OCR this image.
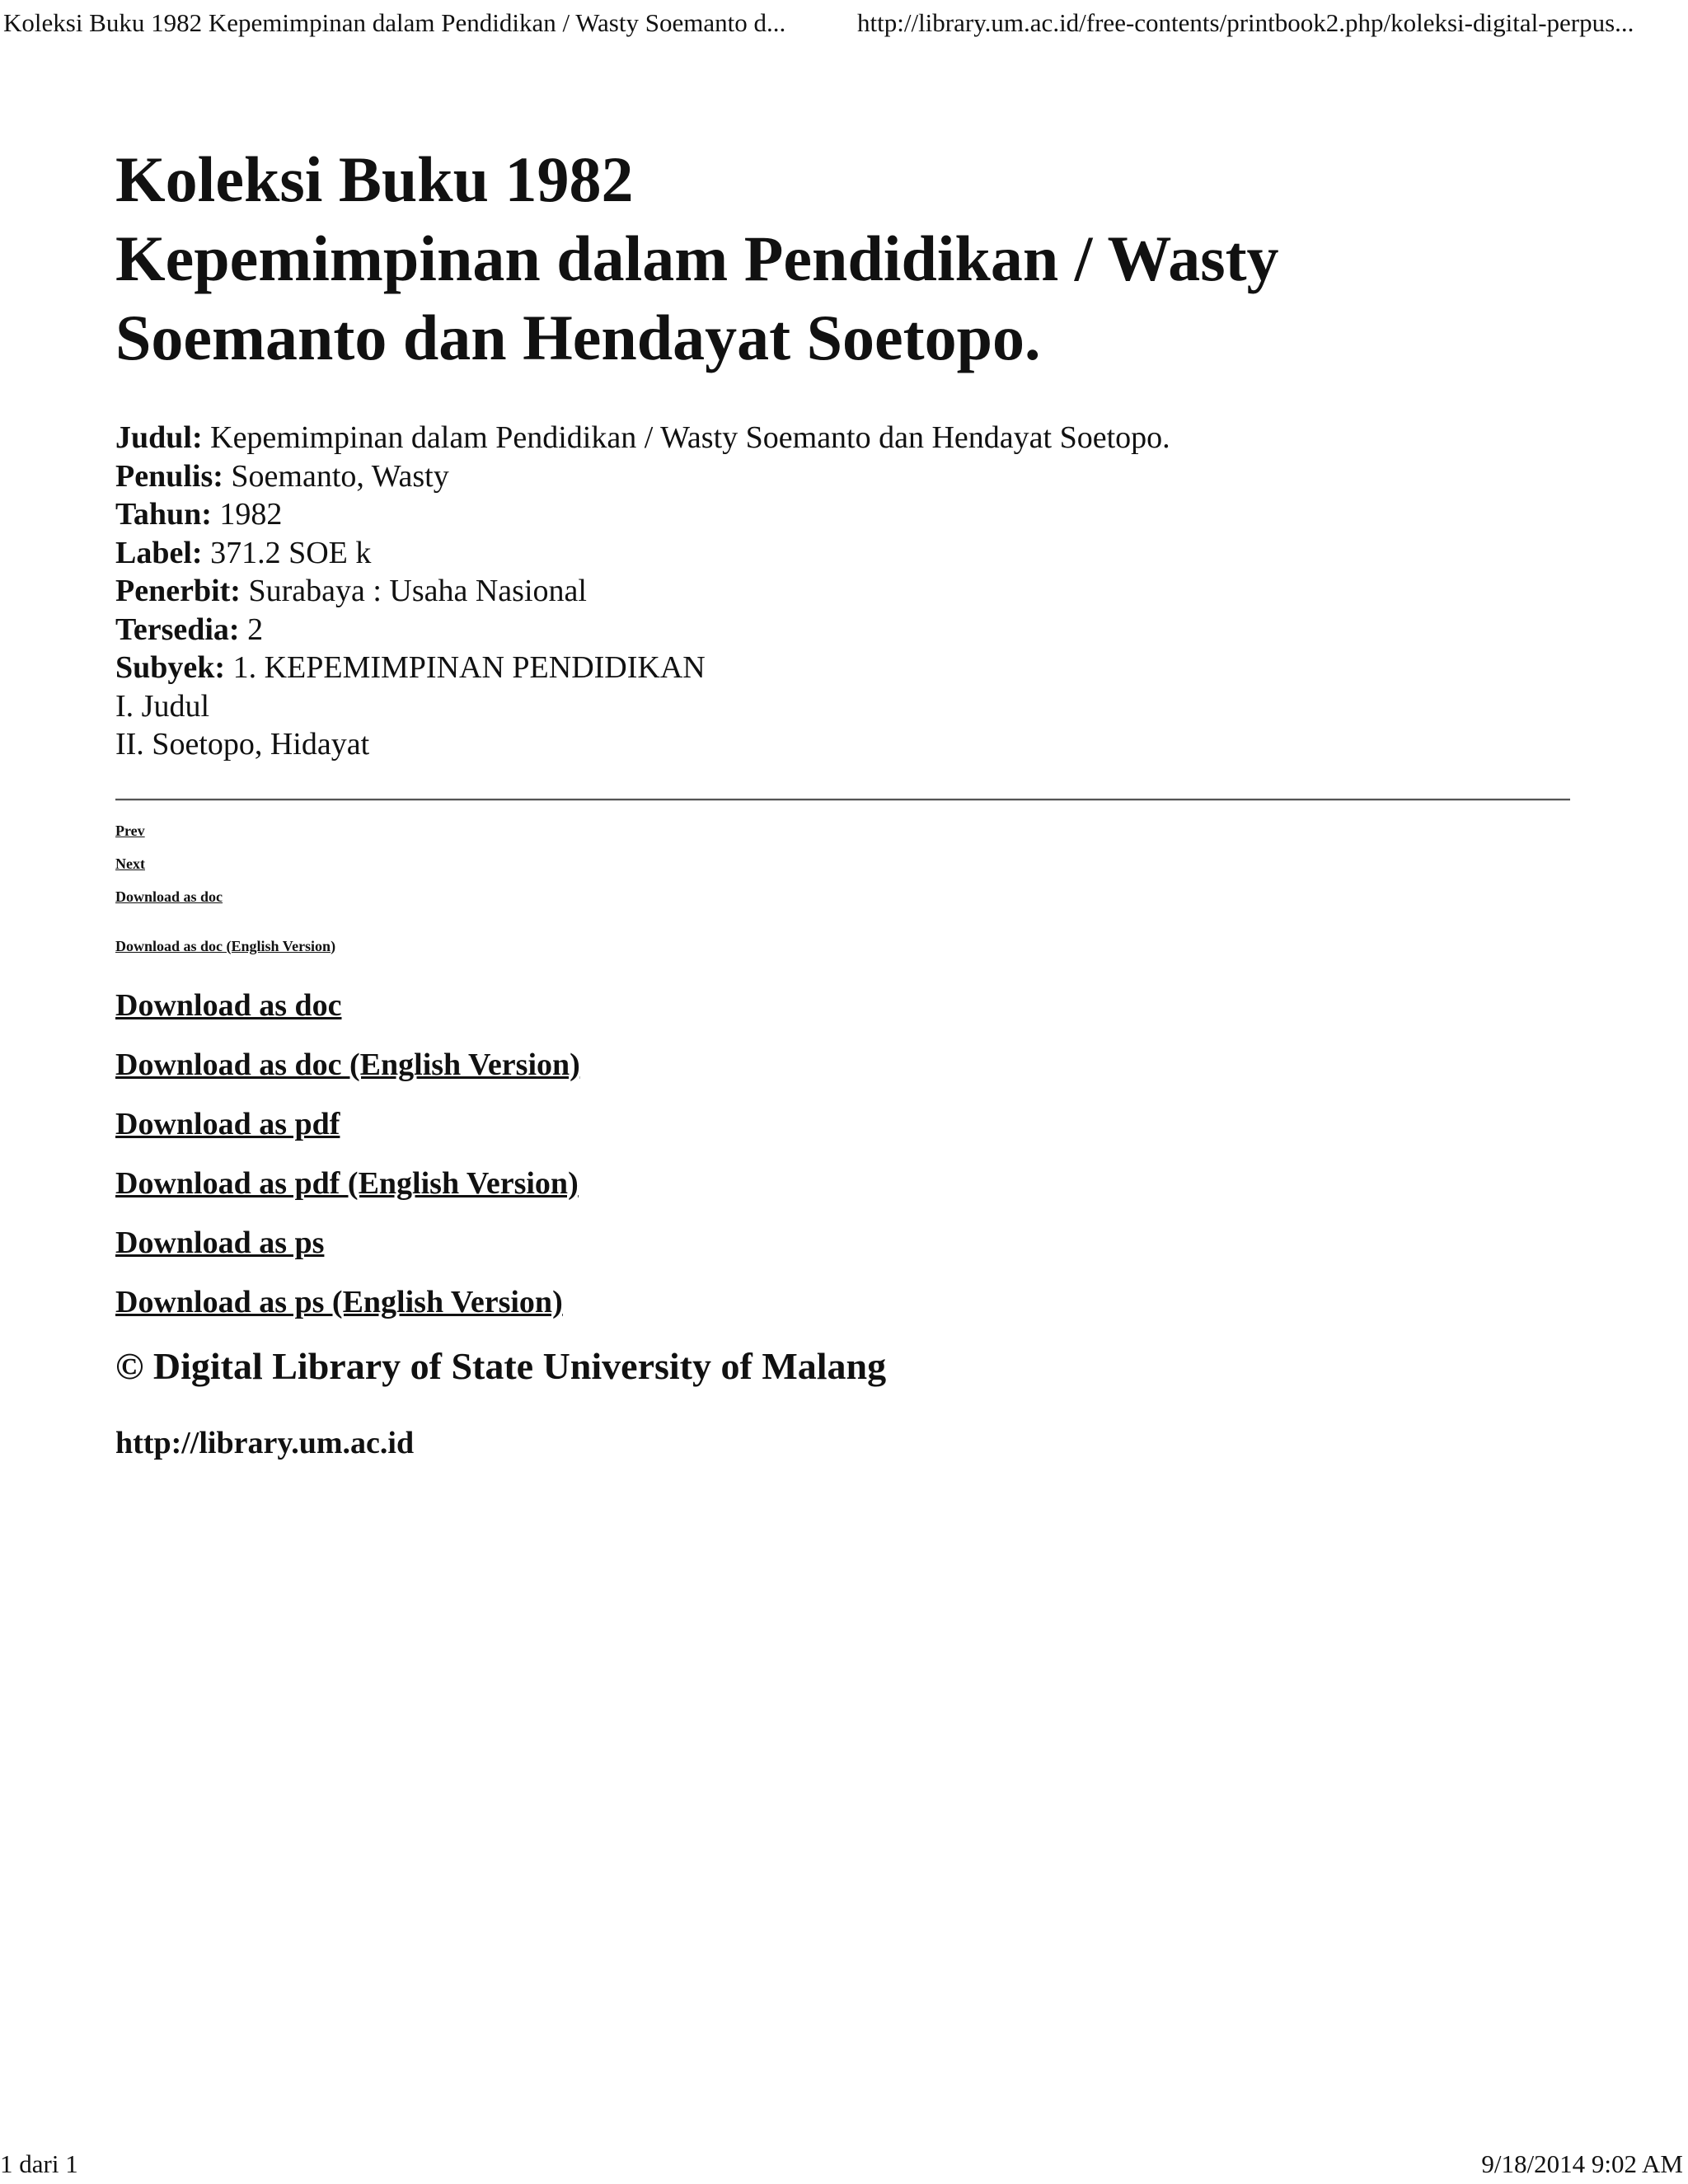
Koleksi Buku 1982 Kepemimpinan dalam Pendidikan / Wasty Soemanto d...	http://library.um.ac.id/free-contents/printbook2.php/koleksi-digital-perpus...
Koleksi Buku 1982
Kepemimpinan dalam Pendidikan / Wasty
Soemanto dan Hendayat Soetopo.
Judul: Kepemimpinan dalam Pendidikan / Wasty Soemanto dan Hendayat Soetopo.
Penulis: Soemanto, Wasty
Tahun: 1982
Label: 371.2 SOE k
Penerbit: Surabaya : Usaha Nasional
Tersedia: 2
Subyek: 1. KEPEMIMPINAN PENDIDIKAN
I. Judul
II. Soetopo, Hidayat
Prev
Next
Download as doc
Download as doc (English Version)
Download as doc
Download as doc (English Version)
Download as pdf
Download as pdf (English Version)
Download as ps
Download as ps (English Version)
© Digital Library of State University of Malang
http://library.um.ac.id
1 dari 1	9/18/2014 9:02 AM
